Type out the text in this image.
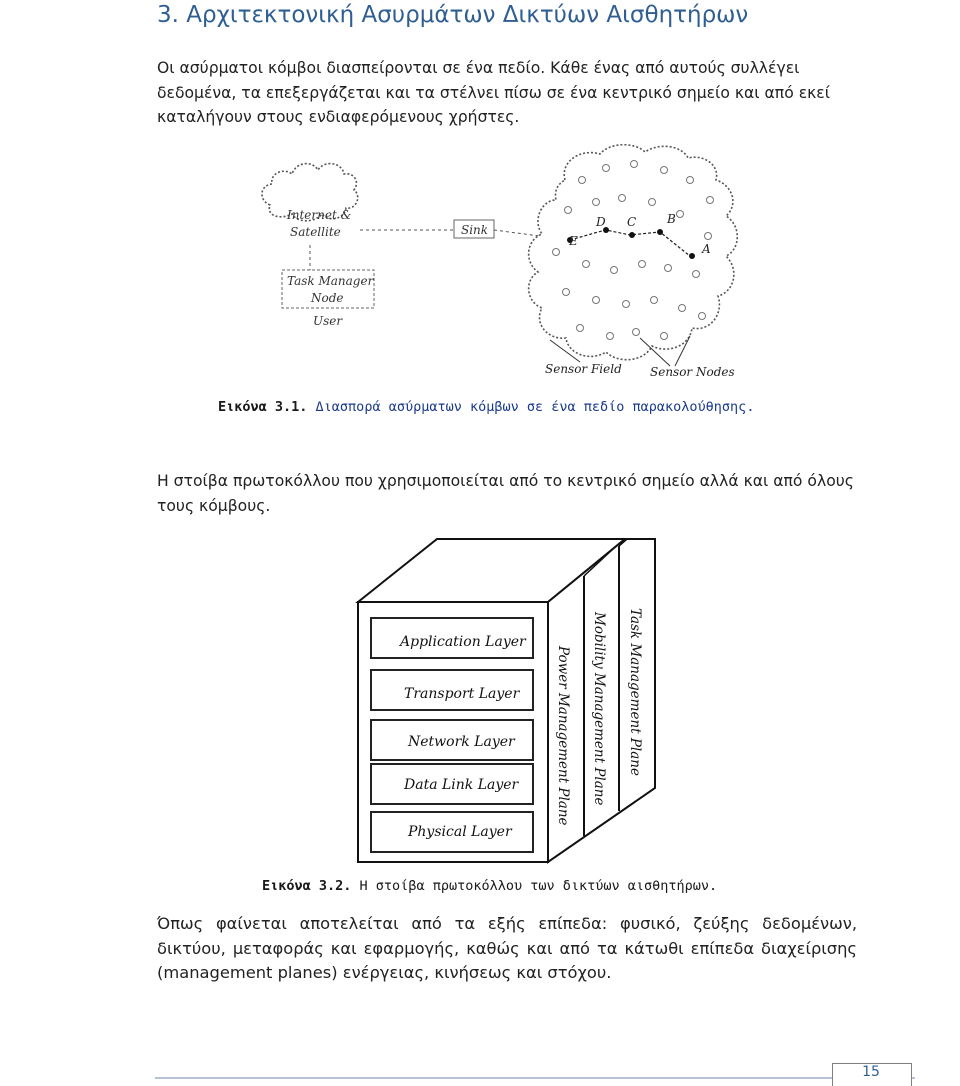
3. Αρχιτεκτονική Ασυρμάτων Δικτύων Αισθητήρων
Οι ασύρματοι κόμβοι διασπείρονται σε ένα πεδίο. Κάθε ένας από αυτούς συλλέγει δεδομένα, τα επεξεργάζεται και τα στέλνει πίσω σε ένα κεντρικό σημείο και από εκεί καταλήγουν στους ενδιαφερόμενους χρήστες.
Internet &
Satellite	Sink
Task Manager
Node
User
D C	B
E
A
Sensor Field Sensor Nodes
Εικόνα 3.1. Διασπορά ασύρματων κόμβων σε ένα πεδίο παρακολούθησης.
Η στοίβα πρωτοκόλλου που χρησιμοποιείται από το κεντρικό σημείο αλλά και από όλους τους κόμβους.
Application Layer
Transport Layer
Network Layer
Data Link Layer
Physical Layer
Power Management Plane Mobility Management Plane Task Management Plane
Εικόνα 3.2. Η στοίβα πρωτοκόλλου των δικτύων αισθητήρων.
Όπως φαίνεται αποτελείται από τα εξής επίπεδα: φυσικό, ζεύξης δεδομένων, δικτύου, μεταφοράς και εφαρμογής, καθώς και από τα κάτωθι επίπεδα διαχείρισης (management planes) ενέργειας, κινήσεως και στόχου.
15
